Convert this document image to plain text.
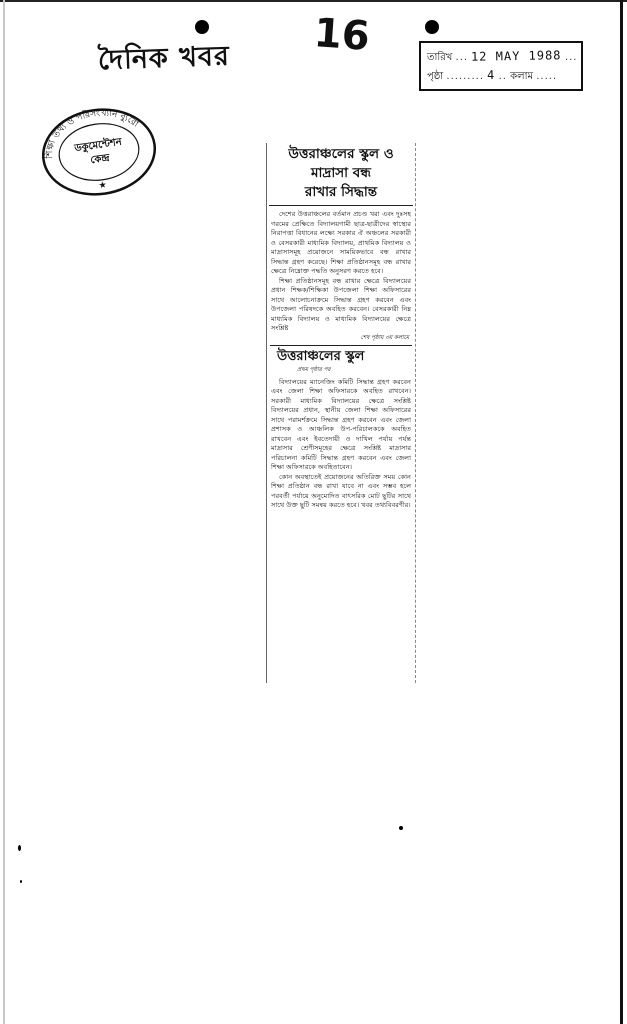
দৈনিক খবর 16	তারিখ ... 12 MAY 1988 ...
পৃষ্ঠা ......... 4 .. কলাম .....
শিক্ষা তথ্য ও পরিসংখ্যান ব্যুরো
ডকুমেন্টেশন
কেন্দ্র
★
উত্তরাঞ্চলের স্কুল ও
মাদ্রাসা বন্ধ
রাখার সিদ্ধান্ত

দেশের উত্তরাঞ্চলের বর্তমান প্রচণ্ড খরা এবং দুঃসহ গরমের প্রেক্ষিতে বিদ্যালয়গামী ছাত্র-ছাত্রীদের স্বাস্থ্যের নিরাপত্তা বিধানের লক্ষ্যে সরকার ঐ অঞ্চলের সরকারী ও বেসরকারী মাধ্যমিক বিদ্যালয়, প্রাথমিক বিদ্যালয় ও মাদ্রাসাসমূহ প্রয়োজনে সাময়িকভাবে বন্ধ রাখার সিদ্ধান্ত গ্রহণ করেছে। শিক্ষা প্রতিষ্ঠানসমূহ বন্ধ রাখার ক্ষেত্রে নিম্নোক্ত পদ্ধতি অনুসরণ করতে হবে।

শিক্ষা প্রতিষ্ঠানসমূহ বন্ধ রাখার ক্ষেত্রে বিদ্যালয়ের প্রধান শিক্ষক/শিক্ষিকা উপজেলা শিক্ষা অফিসারের সাথে আলোচনাক্রমে সিদ্ধান্ত গ্রহণ করবেন এবং উপজেলা পরিষদকে অবহিত করবেন। বেসরকারী নিম্ন মাধ্যমিক বিদ্যালয় ও মাধ্যমিক বিদ্যালয়ের ক্ষেত্রে সংশ্লিষ্ট

শেষ পৃষ্ঠায় ৩য় কলামে
উত্তরাঞ্চলের স্কুল
প্রথম পৃষ্ঠার পর

বিদ্যালয়ের ম্যানেজিং কমিটি সিদ্ধান্ত গ্রহণ করবেন এবং জেলা শিক্ষা অফিসারকে অবহিত রাখবেন। সরকারী মাধ্যমিক বিদ্যালয়ের ক্ষেত্রে সংশ্লিষ্ট বিদ্যালয়ের প্রধান, স্থানীয় জেলা শিক্ষা অফিসারের সাথে পরামর্শক্রমে সিদ্ধান্ত গ্রহণ করবেন এবং জেলা প্রশাসক ও আঞ্চলিক উপ-পরিচালককে অবহিত রাখবেন এবং ইবতেদায়ী ও দাখিল পর্যায় পর্যন্ত মাদ্রাসার শ্রেণীসমূহের ক্ষেত্রে সংশ্লিষ্ট মাদ্রাসার পরিচালনা কমিটি সিদ্ধান্ত গ্রহণ করবেন এবং জেলা শিক্ষা অফিসারকে অবহিতাবেন।

কোন অবস্থাতেই প্রয়োজনের অতিরিক্ত সময় কোন শিক্ষা প্রতিষ্ঠান বন্ধ রাখা যাবে না এবং সম্ভব হলে পরবর্তী পর্যায়ে অনুমোদিত বাৎসরিক মোট ছুটির সাথে সাথে উক্ত ছুটি সমন্বয় করতে হবে। খবর তথ্যবিবরণীর।
